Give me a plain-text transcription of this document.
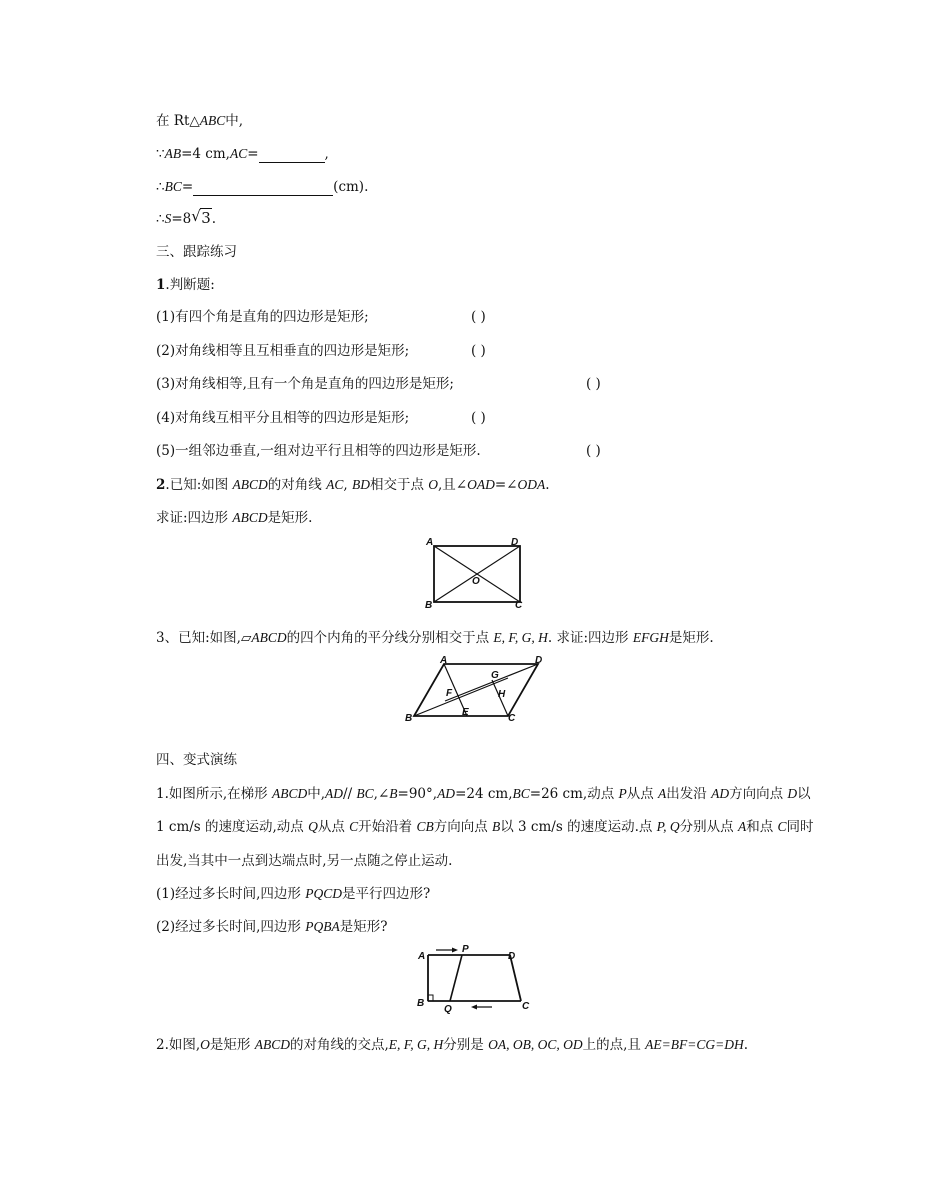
在 Rt△ABC中,
∵AB=4 cm,AC=	,
∴BC=	(cm).
∴S=8 √ 3.
三、跟踪练习
1.判断题:
(1)有四个角是直角的四边形是矩形;	( )
(2)对角线相等且互相垂直的四边形是矩形;	( )
(3)对角线相等,且有一个角是直角的四边形是矩形;	( )
(4)对角线互相平分且相等的四边形是矩形;	( )
(5)一组邻边垂直,一组对边平行且相等的四边形是矩形.	( )
2.已知:如图 ABCD的对角线 AC, BD相交于点 O,且∠OAD=∠ODA.
求证:四边形 ABCD是矩形.
A	D
B	C
O
3、已知:如图,▱ABCD的四个内角的平分线分别相交于点 E, F, G, H. 求证:四边形 EFGH是矩形.
A	D
B	C
E
F
G
H
四、变式演练
1.如图所示,在梯形 ABCD中,AD// BC,∠B=90°,AD=24 cm,BC=26 cm,动点 P从点 A出发沿 AD方向向点 D以
1 cm/s 的速度运动,动点 Q从点 C开始沿着 CB方向向点 B以 3 cm/s 的速度运动.点 P, Q分别从点 A和点 C同时
出发,当其中一点到达端点时,另一点随之停止运动.
(1)经过多长时间,四边形 PQCD是平行四边形?
(2)经过多长时间,四边形 PQBA是矩形?
A
B	C
D
P
Q
2.如图,O是矩形 ABCD的对角线的交点,E, F, G, H分别是 OA, OB, OC, OD上的点,且 AE=BF=CG=DH.
